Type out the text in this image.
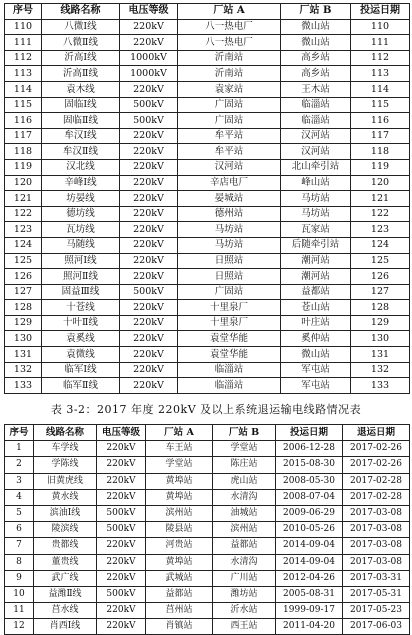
序号	线路名称	电压等级	厂站 A	厂站 B	投运日期
110	八微Ⅰ线	220kV	八一热电厂	微山站	110
111	八微Ⅱ线	220kV	八一热电厂	微山站	111
112	沂高Ⅰ线	1000kV	沂南站	高乡站	112
113	沂高Ⅱ线	1000kV	沂南站	高乡站	113
114	袁木线	220kV	袁家站	王木站	114
115	固临Ⅰ线	500kV	广固站	临淄站	115
116	固临Ⅱ线	500kV	广固站	临淄站	116
117	牟汉Ⅰ线	220kV	牟平站	汉河站	117
118	牟汉Ⅱ线	220kV	牟平站	汉河站	118
119	汉北线	220kV	汉河站	北山牵引站	119
120	辛峰Ⅰ线	220kV	辛店电厂	峰山站	120
121	坊晏线	220kV	晏城站	马坊站	121
122	德坊线	220kV	德州站	马坊站	122
123	瓦坊线	220kV	马坊站	瓦家站	123
124	马随线	220kV	马坊站	后随牵引站	124
125	照河Ⅰ线	220kV	日照站	潮河站	125
126	照河Ⅱ线	220kV	日照站	潮河站	126
127	固益Ⅲ线	500kV	广固站	益都站	127
128	十苍线	220kV	十里泉厂	苍山站	128
129	十叶Ⅱ线	220kV	十里泉厂	叶庄站	129
130	袁奚线	220kV	袁堂华能	奚仲站	130
131	袁微线	220kV	袁堂华能	微山站	131
132	临军Ⅰ线	220kV	临淄站	军屯站	132
133	临军Ⅱ线	220kV	临淄站	军屯站	133
表 3-2：2017 年度 220kV 及以上系统退运输电线路情况表
序号	线路名称	电压等级	厂站 A	厂站 B	投运日期	退运日期
1	车学线	220kV	车王站	学堂站	2006-12-28	2017-02-26
2	学陈线	220kV	学堂站	陈庄站	2015-08-30	2017-02-26
3	旧黄虎线	220kV	黄埠站	虎山站	2008-05-30	2017-02-28
4	黄水线	220kV	黄埠站	水清沟	2008-07-04	2017-02-28
5	滨油Ⅰ线	500kV	滨州站	油城站	2009-06-29	2017-03-08
6	陵滨线	500kV	陵县站	滨州站	2010-05-26	2017-03-08
7	贵都线	220kV	河贵站	益都站	2014-09-04	2017-03-08
8	董贵线	220kV	黄埠站	水清沟	2014-09-04	2017-03-08
9	武广线	220kV	武城站	广川站	2012-04-26	2017-03-31
10	益潍Ⅱ线	500kV	益都站	潍坊站	2005-08-31	2017-05-31
11	莒水线	220kV	莒州站	沂水站	1999-09-17	2017-05-23
12	肖西Ⅰ线	220kV	肖镇站	西王站	2011-04-20	2017-06-03
